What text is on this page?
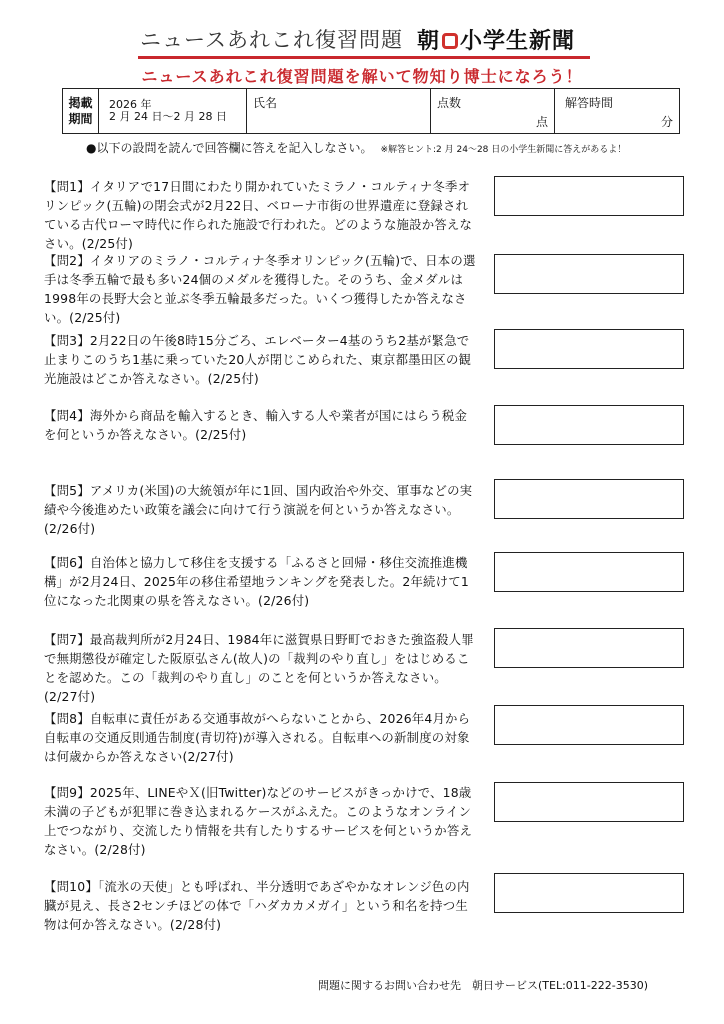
ニュースあれこれ復習問題 朝 小学生新聞
ニュースあれこれ復習問題を解いて物知り博士になろう！
掲載
期間
2026 年
2 月 24 日～2 月 28 日
氏名	点数
点
解答時間
分
●以下の設問を読んで回答欄に答えを記入しなさい。 ※解答ヒント:2 月 24～28 日の小学生新聞に答えがあるよ！
【問1】イタリアで17日間にわたり開かれていたミラノ・コルティナ冬季オリンピック(五輪)の閉会式が2月22日、ベローナ市街の世界遺産に登録されている古代ローマ時代に作られた施設で行われた。どのような施設か答えなさい。(2/25付)
【問2】イタリアのミラノ・コルティナ冬季オリンピック(五輪)で、日本の選手は冬季五輪で最も多い24個のメダルを獲得した。そのうち、金メダルは1998年の長野大会と並ぶ冬季五輪最多だった。いくつ獲得したか答えなさい。(2/25付)
【問3】2月22日の午後8時15分ごろ、エレベーター4基のうち2基が緊急で止まりこのうち1基に乗っていた20人が閉じこめられた、東京都墨田区の観光施設はどこか答えなさい。(2/25付)
【問4】海外から商品を輸入するとき、輸入する人や業者が国にはらう税金を何というか答えなさい。(2/25付)
【問5】アメリカ(米国)の大統領が年に1回、国内政治や外交、軍事などの実績や今後進めたい政策を議会に向けて行う演説を何というか答えなさい。(2/26付)
【問6】自治体と協力して移住を支援する「ふるさと回帰・移住交流推進機構」が2月24日、2025年の移住希望地ランキングを発表した。2年続けて1位になった北関東の県を答えなさい。(2/26付)
【問7】最高裁判所が2月24日、1984年に滋賀県日野町でおきた強盗殺人罪で無期懲役が確定した阪原弘さん(故人)の「裁判のやり直し」をはじめることを認めた。この「裁判のやり直し」のことを何というか答えなさい。(2/27付)
【問8】自転車に責任がある交通事故がへらないことから、2026年4月から自転車の交通反則通告制度(青切符)が導入される。自転車への新制度の対象は何歳からか答えなさい(2/27付)
【問9】2025年、LINEやＸ(旧Twitter)などのサービスがきっかけで、18歳未満の子どもが犯罪に巻き込まれるケースがふえた。このようなオンライン上でつながり、交流したり情報を共有したりするサービスを何というか答えなさい。(2/28付)
【問10】「流氷の天使」とも呼ばれ、半分透明であざやかなオレンジ色の内臓が見え、長さ2センチほどの体で「ハダカカメガイ」という和名を持つ生物は何か答えなさい。(2/28付)
問題に関するお問い合わせ先　朝日サービス(TEL:011-222-3530)
